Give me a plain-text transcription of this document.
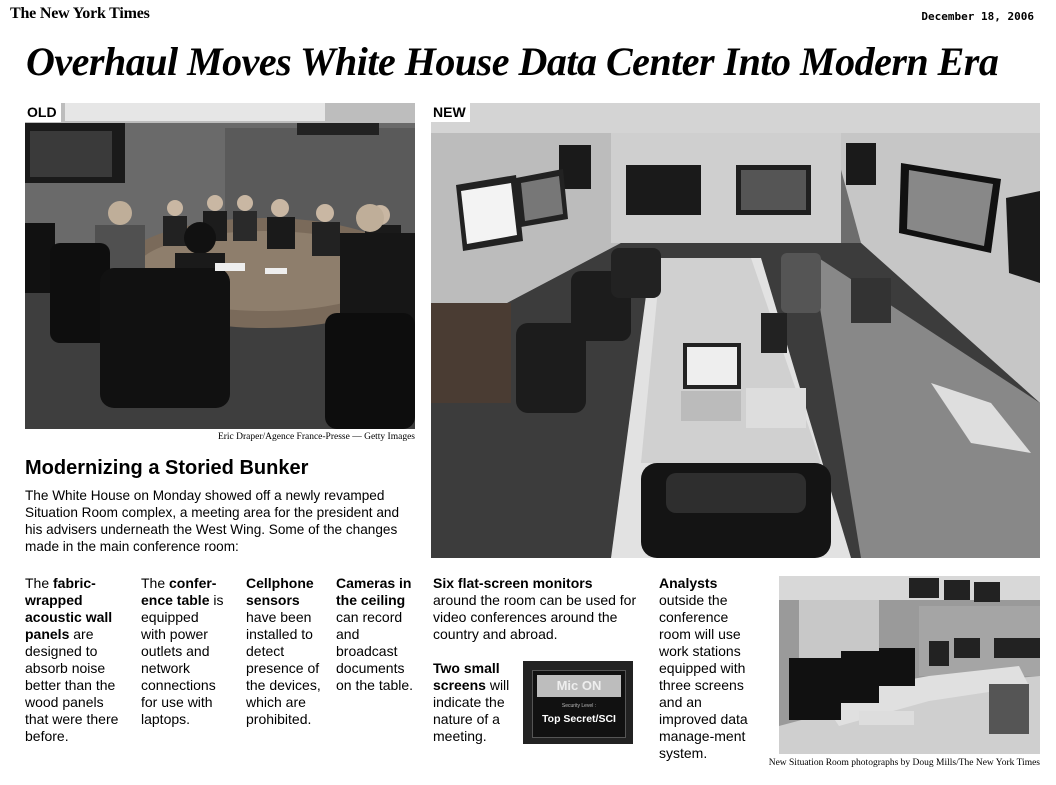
The New York Times	December 18, 2006
Overhaul Moves White House Data Center Into Modern Era
OLD
Eric Draper/Agence France-Presse — Getty Images
Modernizing a Storied Bunker
The White House on Monday showed off a newly revamped Situation Room complex, a meeting area for the president and his advisers underneath the West Wing. Some of the changes made in the main conference room:
NEW
The fabric-wrapped acoustic wall panels are designed to absorb noise better than the wood panels that were there before.
The confer-ence table is equipped with power outlets and network connections for use with laptops.
Cellphone sensors have been installed to detect presence of the devices, which are prohibited.
Cameras in the ceiling can record and broadcast documents on the table.
Six flat-screen monitors around the room can be used for video conferences around the country and abroad.
Two small screens will indicate the nature of a meeting.
Mic ON
Security Level :
Top Secret/SCI
Analysts outside the conference room will use work stations equipped with three screens and an improved data manage-ment system.
New Situation Room photographs by Doug Mills/The New York Times
